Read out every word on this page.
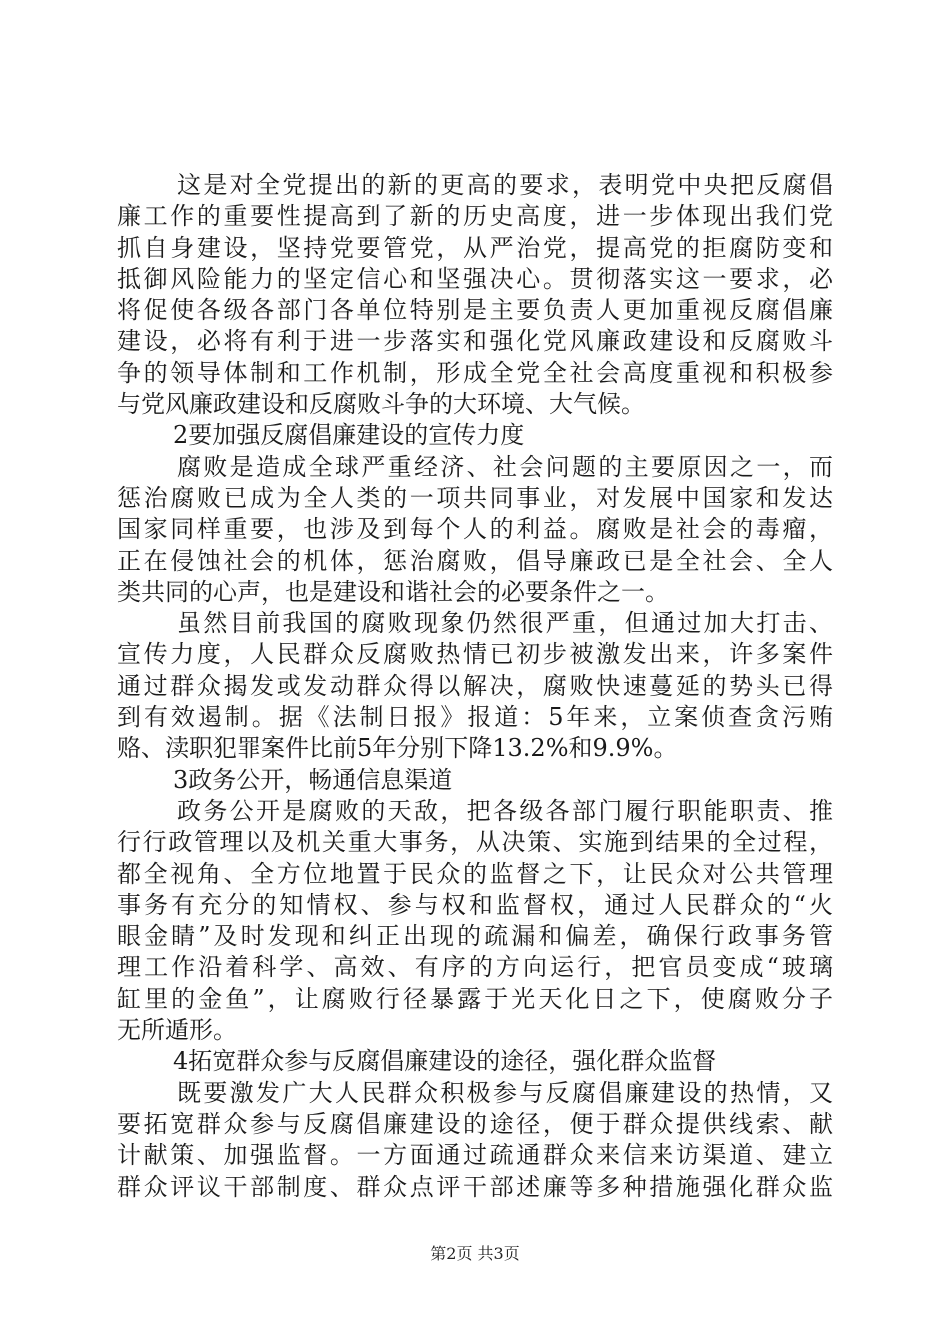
这是对全党提出的新的更高的要求，表明党中央把反腐倡
廉工作的重要性提高到了新的历史高度，进一步体现出我们党
抓自身建设，坚持党要管党，从严治党，提高党的拒腐防变和
抵御风险能力的坚定信心和坚强决心。贯彻落实这一要求，必
将促使各级各部门各单位特别是主要负责人更加重视反腐倡廉
建设，必将有利于进一步落实和强化党风廉政建设和反腐败斗
争的领导体制和工作机制，形成全党全社会高度重视和积极参
与党风廉政建设和反腐败斗争的大环境、大气候。
2要加强反腐倡廉建设的宣传力度
腐败是造成全球严重经济、社会问题的主要原因之一，而
惩治腐败已成为全人类的一项共同事业，对发展中国家和发达
国家同样重要，也涉及到每个人的利益。腐败是社会的毒瘤，
正在侵蚀社会的机体，惩治腐败，倡导廉政已是全社会、全人
类共同的心声，也是建设和谐社会的必要条件之一。
虽然目前我国的腐败现象仍然很严重，但通过加大打击、
宣传力度，人民群众反腐败热情已初步被激发出来，许多案件
通过群众揭发或发动群众得以解决，腐败快速蔓延的势头已得
到有效遏制。据《法制日报》报道：5年来，立案侦查贪污贿
赂、渎职犯罪案件比前5年分别下降13.2%和9.9%。
3政务公开，畅通信息渠道
政务公开是腐败的天敌，把各级各部门履行职能职责、推
行行政管理以及机关重大事务，从决策、实施到结果的全过程，
都全视角、全方位地置于民众的监督之下，让民众对公共管理
事务有充分的知情权、参与权和监督权，通过人民群众的“火
眼金睛”及时发现和纠正出现的疏漏和偏差，确保行政事务管
理工作沿着科学、高效、有序的方向运行，把官员变成“玻璃
缸里的金鱼”，让腐败行径暴露于光天化日之下，使腐败分子
无所遁形。
4拓宽群众参与反腐倡廉建设的途径，强化群众监督
既要激发广大人民群众积极参与反腐倡廉建设的热情，又
要拓宽群众参与反腐倡廉建设的途径，便于群众提供线索、献
计献策、加强监督。一方面通过疏通群众来信来访渠道、建立
群众评议干部制度、群众点评干部述廉等多种措施强化群众监
第2页 共3页
